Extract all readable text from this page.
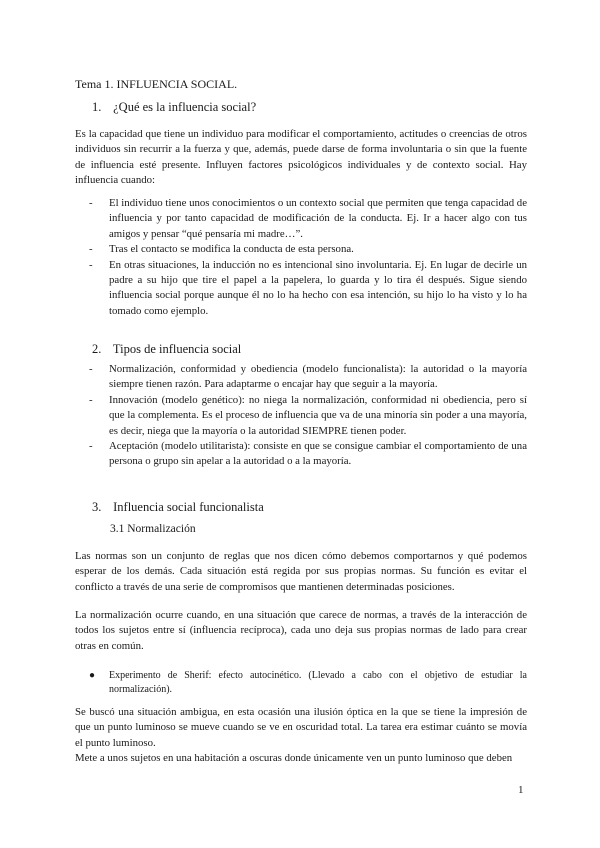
Tema 1. INFLUENCIA SOCIAL.

1. ¿Qué es la influencia social?

Es la capacidad que tiene un individuo para modificar el comportamiento, actitudes o creencias de otros individuos sin recurrir a la fuerza y que, además, puede darse de forma involuntaria o sin que la fuente de influencia esté presente. Influyen factores psicológicos individuales y de contexto social. Hay influencia cuando:

- El individuo tiene unos conocimientos o un contexto social que permiten que tenga capacidad de influencia y por tanto capacidad de modificación de la conducta. Ej. Ir a hacer algo con tus amigos y pensar “qué pensaría mi madre…”.
- Tras el contacto se modifica la conducta de esta persona.
- En otras situaciones, la inducción no es intencional sino involuntaria. Ej. En lugar de decirle un padre a su hijo que tire el papel a la papelera, lo guarda y lo tira él después. Sigue siendo influencia social porque aunque él no lo ha hecho con esa intención, su hijo lo ha visto y lo ha tomado como ejemplo.
2. Tipos de influencia social
- Normalización, conformidad y obediencia (modelo funcionalista): la autoridad o la mayoría siempre tienen razón. Para adaptarme o encajar hay que seguir a la mayoría.
- Innovación (modelo genético): no niega la normalización, conformidad ni obediencia, pero sí que la complementa. Es el proceso de influencia que va de una minoría sin poder a una mayoría, es decir, niega que la mayoría o la autoridad SIEMPRE tienen poder.
- Aceptación (modelo utilitarista): consiste en que se consigue cambiar el comportamiento de una persona o grupo sin apelar a la autoridad o a la mayoría.
3. Influencia social funcionalista

3.1 Normalización

Las normas son un conjunto de reglas que nos dicen cómo debemos comportarnos y qué podemos esperar de los demás. Cada situación está regida por sus propias normas. Su función es evitar el conflicto a través de una serie de compromisos que mantienen determinadas posiciones.

La normalización ocurre cuando, en una situación que carece de normas, a través de la interacción de todos los sujetos entre sí (influencia recíproca), cada uno deja sus propias normas de lado para crear otras en común.

●	Experimento de Sherif: efecto autocinético. (Llevado a cabo con el objetivo de estudiar la normalización).

Se buscó una situación ambigua, en esta ocasión una ilusión óptica en la que se tiene la impresión de que un punto luminoso se mueve cuando se ve en oscuridad total. La tarea era estimar cuánto se movía el punto luminoso.

Mete a unos sujetos en una habitación a oscuras donde únicamente ven un punto luminoso que deben

1
